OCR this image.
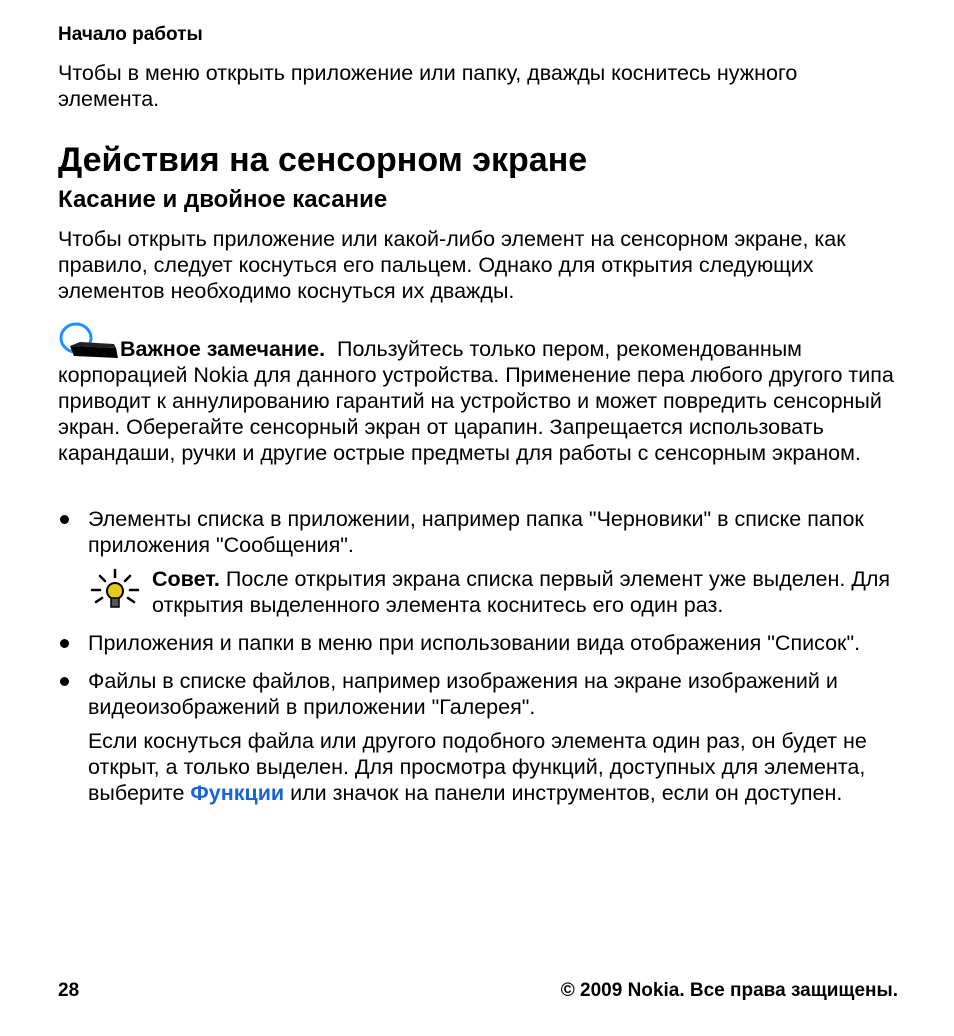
Начало работы

Чтобы в меню открыть приложение или папку, дважды коснитесь нужного элемента.

Действия на сенсорном экране
Касание и двойное касание

Чтобы открыть приложение или какой-либо элемент на сенсорном экране, как правило, следует коснуться его пальцем. Однако для открытия следующих элементов необходимо коснуться их дважды.

Важное замечание. Пользуйтесь только пером, рекомендованным корпорацией Nokia для данного устройства. Применение пера любого другого типа приводит к аннулированию гарантий на устройство и может повредить сенсорный экран. Оберегайте сенсорный экран от царапин. Запрещается использовать карандаши, ручки и другие острые предметы для работы с сенсорным экраном.

Элементы списка в приложении, например папка "Черновики" в списке папок приложения "Сообщения".

Совет. После открытия экрана списка первый элемент уже выделен. Для открытия выделенного элемента коснитесь его один раз.

Приложения и папки в меню при использовании вида отображения "Список".

Файлы в списке файлов, например изображения на экране изображений и видеоизображений в приложении "Галерея".

Если коснуться файла или другого подобного элемента один раз, он будет не открыт, а только выделен. Для просмотра функций, доступных для элемента, выберите Функции или значок на панели инструментов, если он доступен.

28	© 2009 Nokia. Все права защищены.
